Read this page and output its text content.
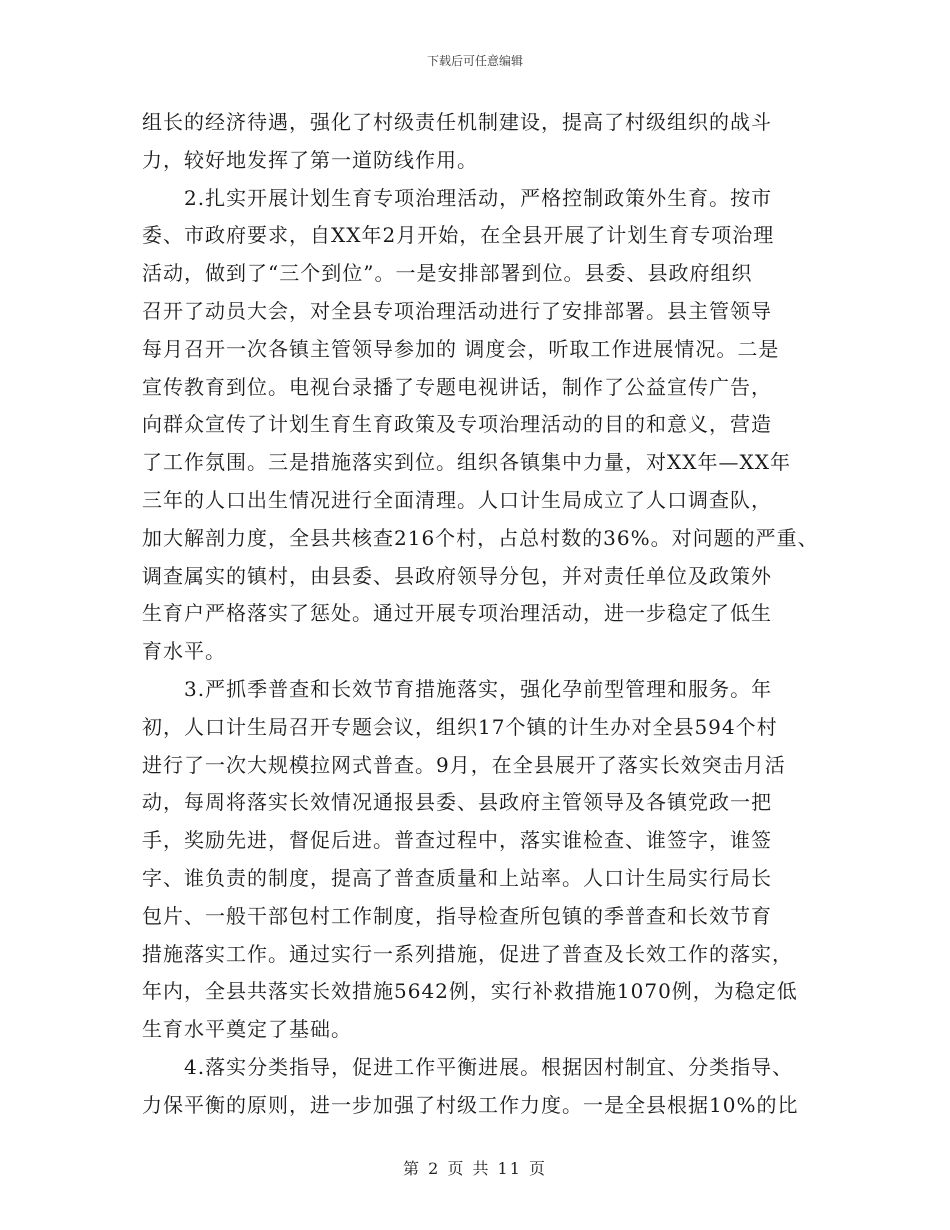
下载后可任意编辑
组长的经济待遇，强化了村级责任机制建设，提高了村级组织的战斗
力，较好地发挥了第一道防线作用。
2.扎实开展计划生育专项治理活动，严格控制政策外生育。按市
委、市政府要求，自XX年2月开始，在全县开展了计划生育专项治理
活动，做到了“三个到位”。一是安排部署到位。县委、县政府组织
召开了动员大会，对全县专项治理活动进行了安排部署。县主管领导
每月召开一次各镇主管领导参加的 调度会，听取工作进展情况。二是
宣传教育到位。电视台录播了专题电视讲话，制作了公益宣传广告，
向群众宣传了计划生育生育政策及专项治理活动的目的和意义，营造
了工作氛围。三是措施落实到位。组织各镇集中力量，对XX年—XX年
三年的人口出生情况进行全面清理。人口计生局成立了人口调查队，
加大解剖力度，全县共核查216个村，占总村数的36%。对问题的严重、
调查属实的镇村，由县委、县政府领导分包，并对责任单位及政策外
生育户严格落实了惩处。通过开展专项治理活动，进一步稳定了低生
育水平。
3.严抓季普查和长效节育措施落实，强化孕前型管理和服务。年
初，人口计生局召开专题会议，组织17个镇的计生办对全县594个村
进行了一次大规模拉网式普查。9月，在全县展开了落实长效突击月活
动，每周将落实长效情况通报县委、县政府主管领导及各镇党政一把
手，奖励先进，督促后进。普查过程中，落实谁检查、谁签字，谁签
字、谁负责的制度，提高了普查质量和上站率。人口计生局实行局长
包片、一般干部包村工作制度，指导检查所包镇的季普查和长效节育
措施落实工作。通过实行一系列措施，促进了普查及长效工作的落实，
年内，全县共落实长效措施5642例，实行补救措施1070例，为稳定低
生育水平奠定了基础。
4.落实分类指导，促进工作平衡进展。根据因村制宜、分类指导、
力保平衡的原则，进一步加强了村级工作力度。一是全县根据10%的比
第 2 页 共 11 页
